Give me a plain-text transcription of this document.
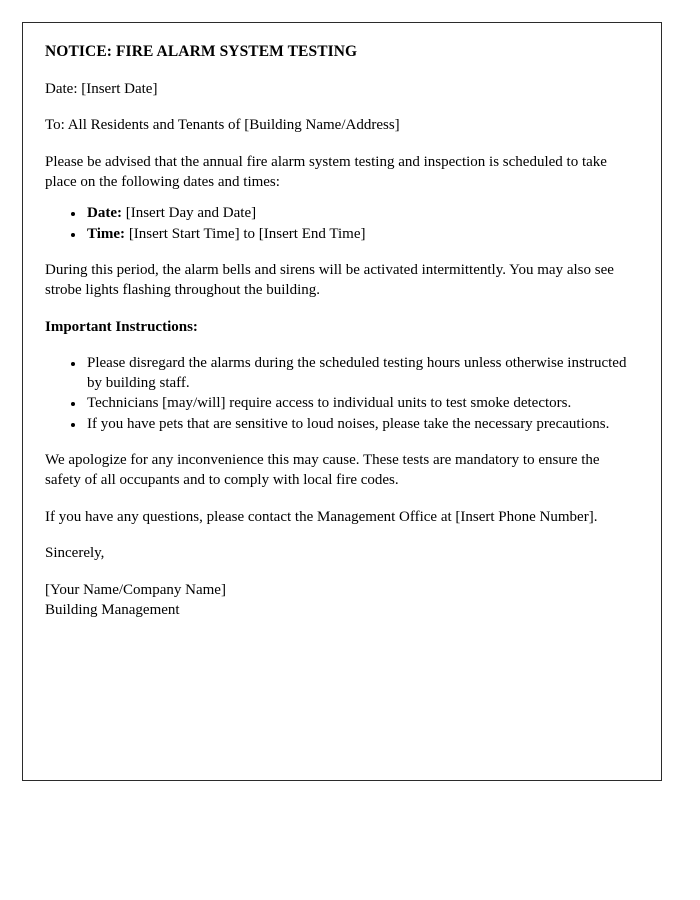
NOTICE: FIRE ALARM SYSTEM TESTING

Date: [Insert Date]

To: All Residents and Tenants of [Building Name/Address]

Please be advised that the annual fire alarm system testing and inspection is scheduled to take place on the following dates and times:

• Date: [Insert Day and Date]
• Time: [Insert Start Time] to [Insert End Time]

During this period, the alarm bells and sirens will be activated intermittently. You may also see strobe lights flashing throughout the building.

Important Instructions:

• Please disregard the alarms during the scheduled testing hours unless otherwise instructed by building staff.
• Technicians [may/will] require access to individual units to test smoke detectors.
• If you have pets that are sensitive to loud noises, please take the necessary precautions.

We apologize for any inconvenience this may cause. These tests are mandatory to ensure the safety of all occupants and to comply with local fire codes.

If you have any questions, please contact the Management Office at [Insert Phone Number].

Sincerely,

[Your Name/Company Name]
Building Management
